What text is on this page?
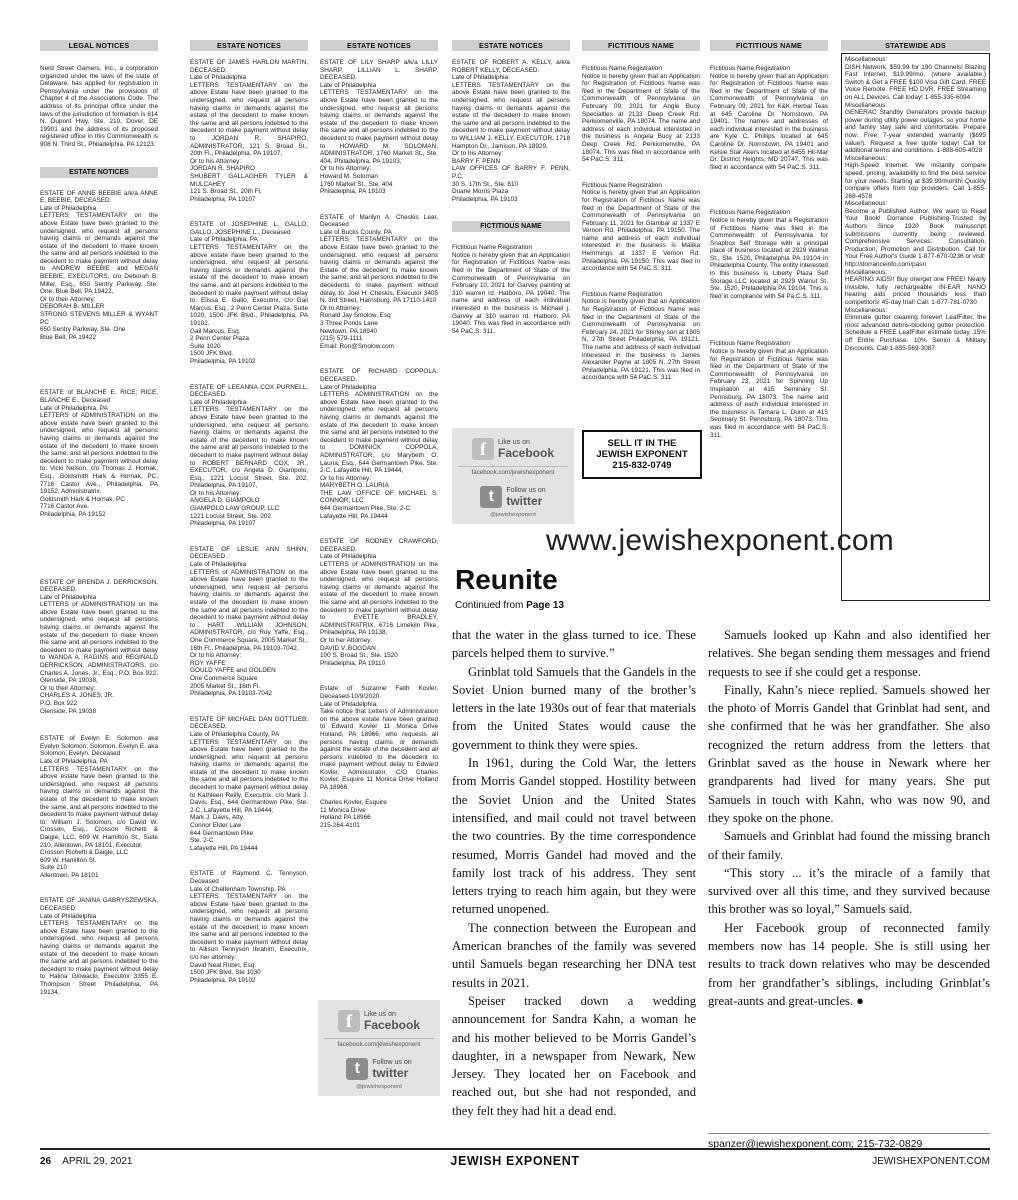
LEGAL NOTICES
Nerd Street Gamers, Inc., a corporation organized under the laws of the state of Delaware, has applied for registration in Pennsylvania under the provisions of Chapter 4 of the Associations Code. The address of its principal office under the laws of the jurisdiction of formation is 614 N. Dupont Hwy, Ste. 210, Dover, DE 19901 and the address of its proposed registered office in this Commonwealth is 908 N. Third St., Philadelphia, PA 12123.
ESTATE NOTICES
ESTATE OF ANNE BEEBIE a/k/a ANNE E. BEEBIE, DECEASED.
Late of Philadelphia
LETTERS TESTAMENTARY on the above Estate have been granted to the undersigned, who request all persons having claims or demands against the estate of the decedent to make known the same and all persons indebted to the decedent to make payment without delay to ANDREW BEEBIE and MEGAN BEEBIE, EXECUTORS, c/o Deborah B. Miller, Esq., 650 Sentry Parkway, Ste. One, Blue Bell, PA 19422,
Or to their Attorney:
DEBORAH B. MILLER
STRONG STEVENS MILLER & WYANT PC
650 Sentry Parkway, Ste. One
Blue Bell, PA 19422
ESTATE of BLANCHE E. RICE; RICE, BLANCHE E., Deceased
Late of Philadelphia, PA
LETTERS of ADMINISTRATION on the above estate have been granted to the undersigned, who request all persons having claims or demands against the estate of the decedent to make known the same, and all persons indebted to the decedent to make payment without delay to: Vicki Nelson, c/o Thomas J. Hornak, Esq., Goldsmith Hark & Hornak, PC, 7716 Castor Ave., Philadelphia, PA 19152, Administratrix.
Goldsmith Hark & Hornak, PC
7716 Castor Ave.
Philadelphia, PA 19152
ESTATE OF BRENDA J. DERRICKSON, DECEASED.
Late of Philadelphia
LETTERS of ADMINISTRATION on the above Estate have been granted to the undersigned, who request all persons having claims or demands against the estate of the decedent to make known the same and all persons indebted to the decedent to make payment without delay to WANDA A. RAGINS and REGINALD DERRICKSON, ADMINISTRATORS, c/o Charles A. Jones, Jr., Esq., P.O. Box 922, Glenside, PA 19038,
Or to their Attorney:
CHARLES A. JONES, JR.
P.O. Box 922
Glenside, PA 19038
ESTATE of Evelyn E. Solomon aka Evelyn Solomon; Solomon, Evelyn E. aka Solomon, Evelyn, Deceased
Late of Philadelphia, PA
LETTERS TESTAMENTARY on the above estate have been granted to the undersigned, who request all persons having claims or demands against the estate of the decedent to make known the same, and all persons indebted to the decedent to make payment without delay to: William J. Solomon, c/o David W. Crosson, Esq., Crosson Richetti & Daigle, LLC, 609 W. Hamilton St., Suite 210, Allentown, PA 18101, Executor.
Crosson Richetti & Daigle, LLC
609 W. Hamilton St.
Suite 210
Allentown, PA 18101
ESTATE OF JANINA GABRYSZEWSKA, DECEASED
Late of Philadelphia
LETTERS TESTAMENTARY on the above Estate have been granted to the undersigned, who request all persons having claims or demands against the estate of the decedent to make known the same and all persons indebted to the decedent to make payment without delay to Halina Glowacki, Executrix 3355 E. Thompson Street Philadelphia, PA 19134.
ESTATE NOTICES
ESTATE OF JAMES HARLON MARTIN, DECEASED.
Late of Philadelphia
LETTERS TESTAMENTARY on the above Estate have been granted to the undersigned, who request all persons having claims or demands against the estate of the decedent to make known the same and all persons indebted to the decedent to make payment without delay to JORDAN R. SHAPIRO, ADMINISTRATOR, 121 S. Broad St., 20th Fl., Philadelphia, PA 19107,
Or to his Attorney:
JORDAN R. SHAPIRO
SHUBERT GALLAGHER TYLER & MULCAHEY
121 S. Broad St., 20th Fl.
Philadelphia, PA 19107
ESTATE of JOSEPHINE L. GALLO; GALLO, JOSEPHINE L., Deceased
Late of Philadelphia, PA
LETTERS TESTAMENTARY on the above estate have been granted to the undersigned, who request all persons having claims or demands against the estate of the decedent to make known the same, and all persons indebted to the decedent to make payment without delay to: Elissa E. Gallo, Executrix, c/o Gail Marcus, Esq., 2 Penn Center Plaza, Suite 1020, 1500 JFK Blvd., Philadelphia, PA 19102.
Gail Marcus, Esq.
2 Penn Center Plaza
Suite 1020
1500 JFK Blvd.
Philadelphia, PA 19102
ESTATE OF LEEANNA COX PURNELL, DECEASED.
Late of Philadelphia
LETTERS TESTAMENTARY on the above Estate have been granted to the undersigned, who request all persons having claims or demands against the estate of the decedent to make known the same and all persons indebted to the decedent to make payment without delay to ROBERT BERNARD COX, JR., EXECUTOR, c/o Angela D. Giampolo, Esq., 1221 Locust Street, Ste. 202, Philadelphia, PA 19107,
Or to his Attorney:
ANGELA D. GIAMPOLO
GIAMPOLO LAW GROUP, LLC
1221 Locust Street, Ste. 202
Philadelphia, PA 19107
ESTATE OF LESLIE ANN SHINN, DECEASED.
Late of Philadelphia
LETTERS of ADMINISTRATION on the above Estate have been granted to the undersigned, who request all persons having claims or demands against the estate of the decedent to make known the same and all persons indebted to the decedent to make payment without delay to HART WILLIAM JOHNSON, ADMINISTRATOR, c/o Roy Yaffe, Esq., One Commerce Square, 2005 Market St., 16th Fl., Philadelphia, PA 19103-7042,
Or to his Attorney:
ROY YAFFE
GOULD YAFFE and GOLDEN
One Commerce Square
2005 Market St., 16th Fl.
Philadelphia, PA 19103-7042
ESTATE OF MICHAEL DAN GOTTLIEB, DECEASED.
Late of Philadelphia County, PA
LETTERS TESTAMENTARY on the above Estate have been granted to the undersigned, who request all persons having claims or demands against the estate of the decedent to make known the same and all persons indebted to the decedent to make payment without delay to Kathleen Reilly, Executrix, c/o Mark J. Davis, Esq., 644 Germantown Pike, Ste. 2-C, Lafayette Hill, PA 19444;
Mark J. Davis, Atty.
Connor Elder Law
644 Germantown Pike
Ste. 2-C
Lafayette Hill, PA 19444
ESTATE of Raymond C. Tennyson, Deceased
Late of Cheltenham Township, PA
LETTERS TESTAMENTARY on the above Estate have been granted to the undersigned, who request all persons having claims or demands against the estate of the decedent to make known the same and all persons indebted to the decedent to make payment without delay to Allison Tennyson Ibrahim, Executrix, c/o her attorney:
David Neal Rubin, Esq.
1500 JFK Blvd. Ste 1030
Philadelphia, PA 19102
ESTATE NOTICES
ESTATE OF LILY SHARP a/k/a LILLY SHARP, LILLIAN L. SHARP, DECEASED.
Late of Philadelphia
LETTERS TESTAMENTARY on the above Estate have been granted to the undersigned, who request all persons having claims or demands against the estate of the decedent to make known the same and all persons indebted to the decedent to make payment without delay to HOWARD M. SOLOMAN, ADMINISTRATOR, 1760 Market St., Ste. 404, Philadelphia, PA 19103,
Or to his Attorney:
Howard M. Soloman
1760 Market St., Ste. 404
Philadelphia, PA 19103
ESTATE of Marilyn A. Cheskis Lear, Deceased
Late of Bucks County, PA
LETTERS TESTAMENTARY on the above Estate have been granted to the undersigned, who request all persons having claims or demands against the Estate of the decedent to make known the same, and all persons indebted to the decedents to make payment without delay, to: Joel H. Cheskis, Executor 3405 N. 3rd Street, Harrisburg, PA 17110-1410
Or to Attorney:
Ronald Jay Smolow, Esq
3 Three Ponds Lane
Newtown, PA 18940
(215) 579-1111
Email: Ron@Smolow.com
ESTATE OF RICHARD COPPOLA, DECEASED.
Late of Philadelphia
LETTERS ADMINISTRATION on the above Estate have been granted to the undersigned, who request all persons having claims or demands against the estate of the decedent to make known the same and all persons indebted to the decedent to make payment without delay to DOMINICK COPPOLA, ADMINISTRATOR, c/o Marybeth O. Lauria, Esq., 644 Germantown Pike, Ste. 2-C, Lafayette Hill, PA 19444,
Or to his Attorney:
MARYBETH O. LAURIA
THE LAW OFFICE OF MICHAEL S. CONNOR, LLC
644 Germantown Pike, Ste. 2-C
Lafayette Hill, PA 19444
ESTATE OF RODNEY CRAWFORD, DECEASED.
Late of Philadelphia
LETTERS of ADMINISTRATION on the above Estate have been granted to the undersigned, who request all persons having claims or demands against the estate of the decedent to make known the same and all persons indebted to the decedent to make payment without delay to EVETTE BRADLEY, ADMINISTRATRIX, 6716 Limekiln Pike, Philadelphia, PA 19138,
Or to her Attorney:
DAVID V. BOGDAN
100 S. Broad St., Ste. 1520
Philadelphia, PA 19110
Estate of Suzanne Faith Kovler, Deceased-10/9/2020
Late of Philadelphia.
Take notice that Letters of Administration on the above estate have been granted to Edward Kovler 11 Monica Drive Holland, PA 18966, who requests all persons having claims or demands against the estate of the decedent and all persons indebted to the decedent to make payment without delay to Edward Kovler, Administrator, C/O Charles Kovler, Esquire 11 Monica Drive Holland PA 18966.

Charles Kovler, Esquire
11 Monica Drive
Holland PA 18966
215-264-4101
f	Like us on
Facebook
facebook.com/jewishexponent
t	Follow us on
twitter
@jewishexponent
ESTATE NOTICES
ESTATE OF ROBERT A. KELLY, a/k/a ROBERT KELLY, DECEASED.
Late of Philadelphia
LETTERS TESTAMENTARY on the above Estate have been granted to the undersigned, who request all persons having claims or demands against the estate of the decedent to make known the same and all persons indebted to the decedent to make payment without delay to WILLIAM J. KELLY, EXECUTOR, 1718 Hampton Dr., Jamison, PA 18929,
Or to his Attorney:
BARRY F. PENN
LAW OFFICES OF BARRY F. PENN, P.C.
30 S. 17th St., Ste. 810
Duane Morris Plaza
Philadelphia, PA 19103
FICTITIOUS NAME
Fictitious Name Registration
Notice is hereby given that an Application for Registration of Fictitious Name was filed in the Department of State of the Commonwealth of Pennsylvania on February 10, 2021 for Garvey painting at 310 warren rd. Hatboro, PA 19040. The name and address of each individual interested in the business is Michael j. Garvey at 310 warren rd. Hatboro, PA 19040. This was filed in accordance with 54 PaC.S. 311.
f	Like us on
Facebook
facebook.com/jewishexponent
t	Follow us on
twitter
@jewishexponent
FICTITIOUS NAME
Fictitious Name Registration
Notice is hereby given that an Application for Registration of Fictitious Name was filed in the Department of State of the Commonwealth of Pennsylvania on February 09, 2021 for Angle Bucy Specialties at 2133 Deep Creek Rd. Perkiomenville, PA 18074. The name and address of each individual interested in the business is Angela Bucy at 2133 Deep Creek Rd. Perkiomenville, PA 18074. This was filed in accordance with 54 PaC.S. 311.
Fictitious Name Registration
Notice is hereby given that an Application for Registration of Fictitious Name was filed in the Department of State of the Commonwealth of Pennsylvania on February 11, 2021 for Glambar at 1337 E Vernon Rd. Philadelphia, PA 19150. The name and address of each individual interested in the business is Malika Hemmings at 1337 E Vernon Rd. Philadelphia, PA 19150. This was filed in accordance with 54 PaC.S. 311.
Fictitious Name Registration
Notice is hereby given that an Application for Registration of Fictitious Name was filed in the Department of State of the Commonwealth of Pennsylvania on February 24, 2021 for Shirley son at 1805 N. 27th Street Philadelphia, PA 19121. The name and address of each individual interested in the business is James Alexander Payne at 1805 N. 27th Street Philadelphia, PA 19121. This was filed in accordance with 54 PaC.S. 311.
SELL IT IN THE
JEWISH EXPONENT
215-832-0749
FICTITIOUS NAME
Fictitious Name Registration
Notice is hereby given that an Application for Registration of Fictitious Name was filed in the Department of State of the Commonwealth of Pennsylvania on February 09, 2021 for K&K Herbal Teas at 645 Caroline Dr. Norristown, PA 19401. The names and addresses of each individual interested in the business are Kyle C. Phillips located at 645 Caroline Dr. Norristown, PA 19401 and Kelsie Star Akers located at 6455 Hil-Mar Dr. District Heights, MD 20747. This was filed in accordance with 54 PaC.S. 311.
Fictitious Name Registration
Notice is hereby given that a Registration of Fictitious Name was filed in the Commonwealth of Pennsylvania for Snapbox Self Storage with a principal place of business located at 2929 Walnut St., Ste. 1520, Philadelphia PA 19104 in Philadelphia County. The entity interested in this business is Liberty Plaza Self Storage LLC located at 2929 Walnut St. Ste. 1520, Philadelphia PA 19104. This is filed in compliance with 54 Pa.C.S. 311.
Fictitious Name Registration
Notice is hereby given that an Application for Registration of Fictitious Name was filed in the Department of State of the Commonwealth of Pennsylvania on February 23, 2021 for Spinning Up Inspiration at 415 Seminary St. Pennsburg, PA 18073. The name and address of each individual interested in the business is Tamara L. Dunn at 415 Seminary St. Pennsburg, PA 18073. This was filed in accordance with 54 PaC.S. 311.
STATEWIDE ADS
Miscellaneous:
DISH Network. $59.99 for 190 Channels! Blazing Fast Internet, $19.99/mo. (where available.) Switch & Get a FREE $100 Visa Gift Card. FREE Voice Remote. FREE HD DVR. FREE Streaming on ALL Devices. Call today! 1-855-335-6094
Miscellaneous:
GENERAC Standby Generators provide backup power during utility power outages, so your home and family stay safe and comfortable. Prepare now. Free 7-year extended warranty ($695 value!). Request a free quote today! Call for additional terms and conditions. 1-888-605-4028
Miscellaneous:
High-Speed Internet. We instantly compare speed, pricing, availability to find the best service for your needs. Starting at $39.99/month! Quickly compare offers from top providers. Call 1-855-268-4578
Miscellaneous:
Become a Published Author. We want to Read Your Book! Dorrance Publishing-Trusted by Authors Since 1920 Book manuscript submissions currently being reviewed. Comprehensive Services: Consultation, Production, Promotion and Distribution. Call for Your Free Author's Guide 1-877-670-0236 or visit:
http://dorranceinfo.com/pasn
Miscellaneous:
HEARING AIDS!! Buy one/get one FREE! Nearly invisible, fully rechargeable IN-EAR NANO hearing aids priced thousands less than competitors! 45-day trial! Call: 1-877-781-0730
Miscellaneous:
Eliminate gutter cleaning forever! LeafFilter, the most advanced debris-blocking gutter protection. Schedule a FREE LeafFilter estimate today. 15% off Entire Purchase. 10% Senior & Military Discounts. Call 1-855-569-3087
www.jewishexponent.com
Reunite
Continued from Page 13

that the water in the glass turned to ice. These parcels helped them to survive.”

Grinblat told Samuels that the Gandels in the Soviet Union burned many of the brother’s letters in the late 1930s out of fear that materials from the United States would cause the government to think they were spies.

In 1961, during the Cold War, the letters from Morris Gandel stopped. Hostility between the Soviet Union and the United States intensified, and mail could not travel between the two countries. By the time correspondence resumed, Morris Gandel had moved and the family lost track of his address. They sent letters trying to reach him again, but they were returned unopened.

The connection between the European and American branches of the family was severed until Samuels began researching her DNA test results in 2021.

Speiser tracked down a wedding announcement for Sandra Kahn, a woman he and his mother believed to be Morris Gandel’s daughter, in a newspaper from Newark, New Jersey. They located her on Facebook and reached out, but she had not responded, and they felt they had hit a dead end.

Samuels looked up Kahn and also identified her relatives. She began sending them messages and friend requests to see if she could get a response.

Finally, Kahn’s niece replied. Samuels showed her the photo of Morris Gandel that Grinblat had sent, and she confirmed that he was her grandfather. She also recognized the return address from the letters that Grinblat saved as the house in Newark where her grandparents had lived for many years. She put Samuels in touch with Kahn, who was now 90, and they spoke on the phone.

Samuels and Grinblat had found the missing branch of their family.

“This story ... it’s the miracle of a family that survived over all this time, and they survived because this brother was so loyal,” Samuels said.

Her Facebook group of reconnected family members now has 14 people. She is still using her results to track down relatives who may be descended from her grandfather’s siblings, including Grinblat’s great-aunts and great-uncles. ●

spanzer@jewishexponent.com; 215-732-0829
26 APRIL 29, 2021	JEWISH EXPONENT	JEWISHEXPONENT.COM
